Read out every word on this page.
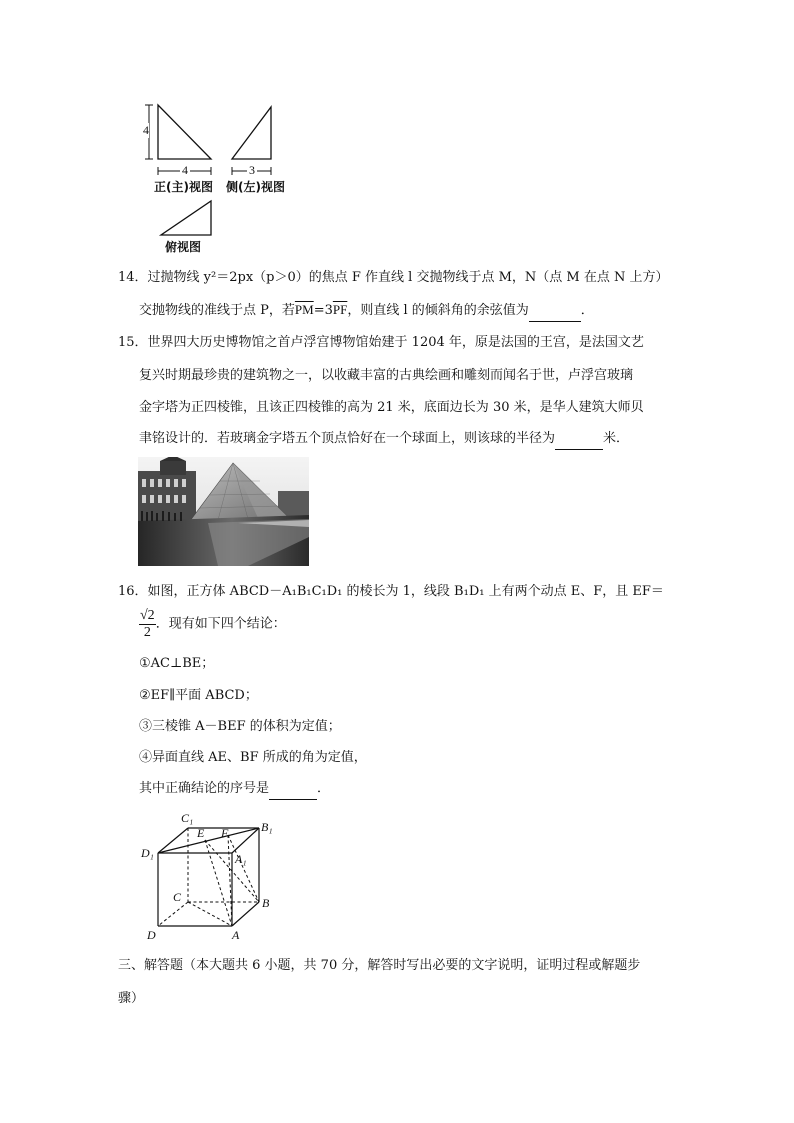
4
4	3
正(主)视图 侧(左)视图
俯视图
14．过抛物线 y²＝2px（p＞0）的焦点 F 作直线 l 交抛物线于点 M，N（点 M 在点 N 上方）
交抛物线的准线于点 P，若$\overline{PM}=3\overline{PF}$，则直线 l 的倾斜角的余弦值为	．
15．世界四大历史博物馆之首卢浮宫博物馆始建于 1204 年，原是法国的王宫，是法国文艺
复兴时期最珍贵的建筑物之一，以收藏丰富的古典绘画和雕刻而闻名于世，卢浮宫玻璃
金字塔为正四棱锥，且该正四棱锥的高为 21 米，底面边长为 30 米，是华人建筑大师贝
聿铭设计的．若玻璃金字塔五个顶点恰好在一个球面上，则该球的半径为	米．
16．如图，正方体 ABCD－A₁B₁C₁D₁ 的棱长为 1，线段 B₁D₁ 上有两个动点 E、F，且 EF＝
$\frac{√2}{2}$ ．现有如下四个结论：
①AC⊥BE；
②EF∥平面 ABCD；
③三棱锥 A－BEF 的体积为定值；
④异面直线 AE、BF 所成的角为定值，
其中正确结论的序号是	．
C₁
B₁
D₁
E F
A₁
C	B
D	A
三、解答题（本大题共 6 小题，共 70 分，解答时写出必要的文字说明，证明过程或解题步
骤）
